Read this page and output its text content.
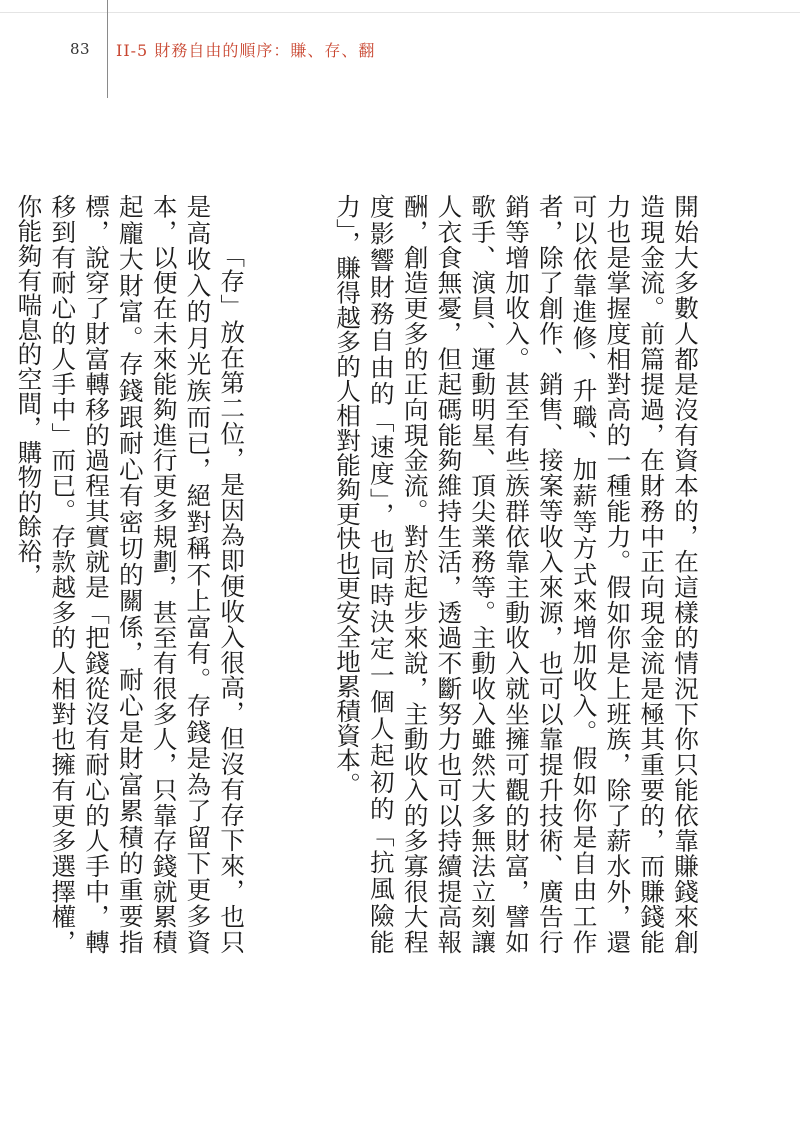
83 II-5 財務自由的順序：賺、存、翻

開始大多數人都是沒有資本的，在這樣的情況下你只能依靠賺錢來創造現金流。前篇提過，在財務中正向現金流是極其重要的，而賺錢能力也是掌握度相對高的一種能力。假如你是上班族，除了薪水外，還可以依靠進修、升職、加薪等方式來增加收入。假如你是自由工作者，除了創作、銷售、接案等收入來源，也可以靠提升技術、廣告行銷等增加收入。甚至有些族群依靠主動收入就坐擁可觀的財富，譬如歌手、演員、運動明星、頂尖業務等。主動收入雖然大多無法立刻讓人衣食無憂，但起碼能夠維持生活，透過不斷努力也可以持續提高報酬，創造更多的正向現金流。對於起步來說，主動收入的多寡很大程度影響財務自由的「速度」，也同時決定一個人起初的「抗風險能力」，賺得越多的人相對能夠更快也更安全地累積資本。

「存」放在第二位，是因為即便收入很高，但沒有存下來，也只是高收入的月光族而已，絕對稱不上富有。存錢是為了留下更多資本，以便在未來能夠進行更多規劃，甚至有很多人，只靠存錢就累積起龐大財富。存錢跟耐心有密切的關係，耐心是財富累積的重要指標，說穿了財富轉移的過程其實就是「把錢從沒有耐心的人手中，轉移到有耐心的人手中」而已。存款越多的人相對也擁有更多選擇權，你能夠有喘息的空間，購物的餘裕，
